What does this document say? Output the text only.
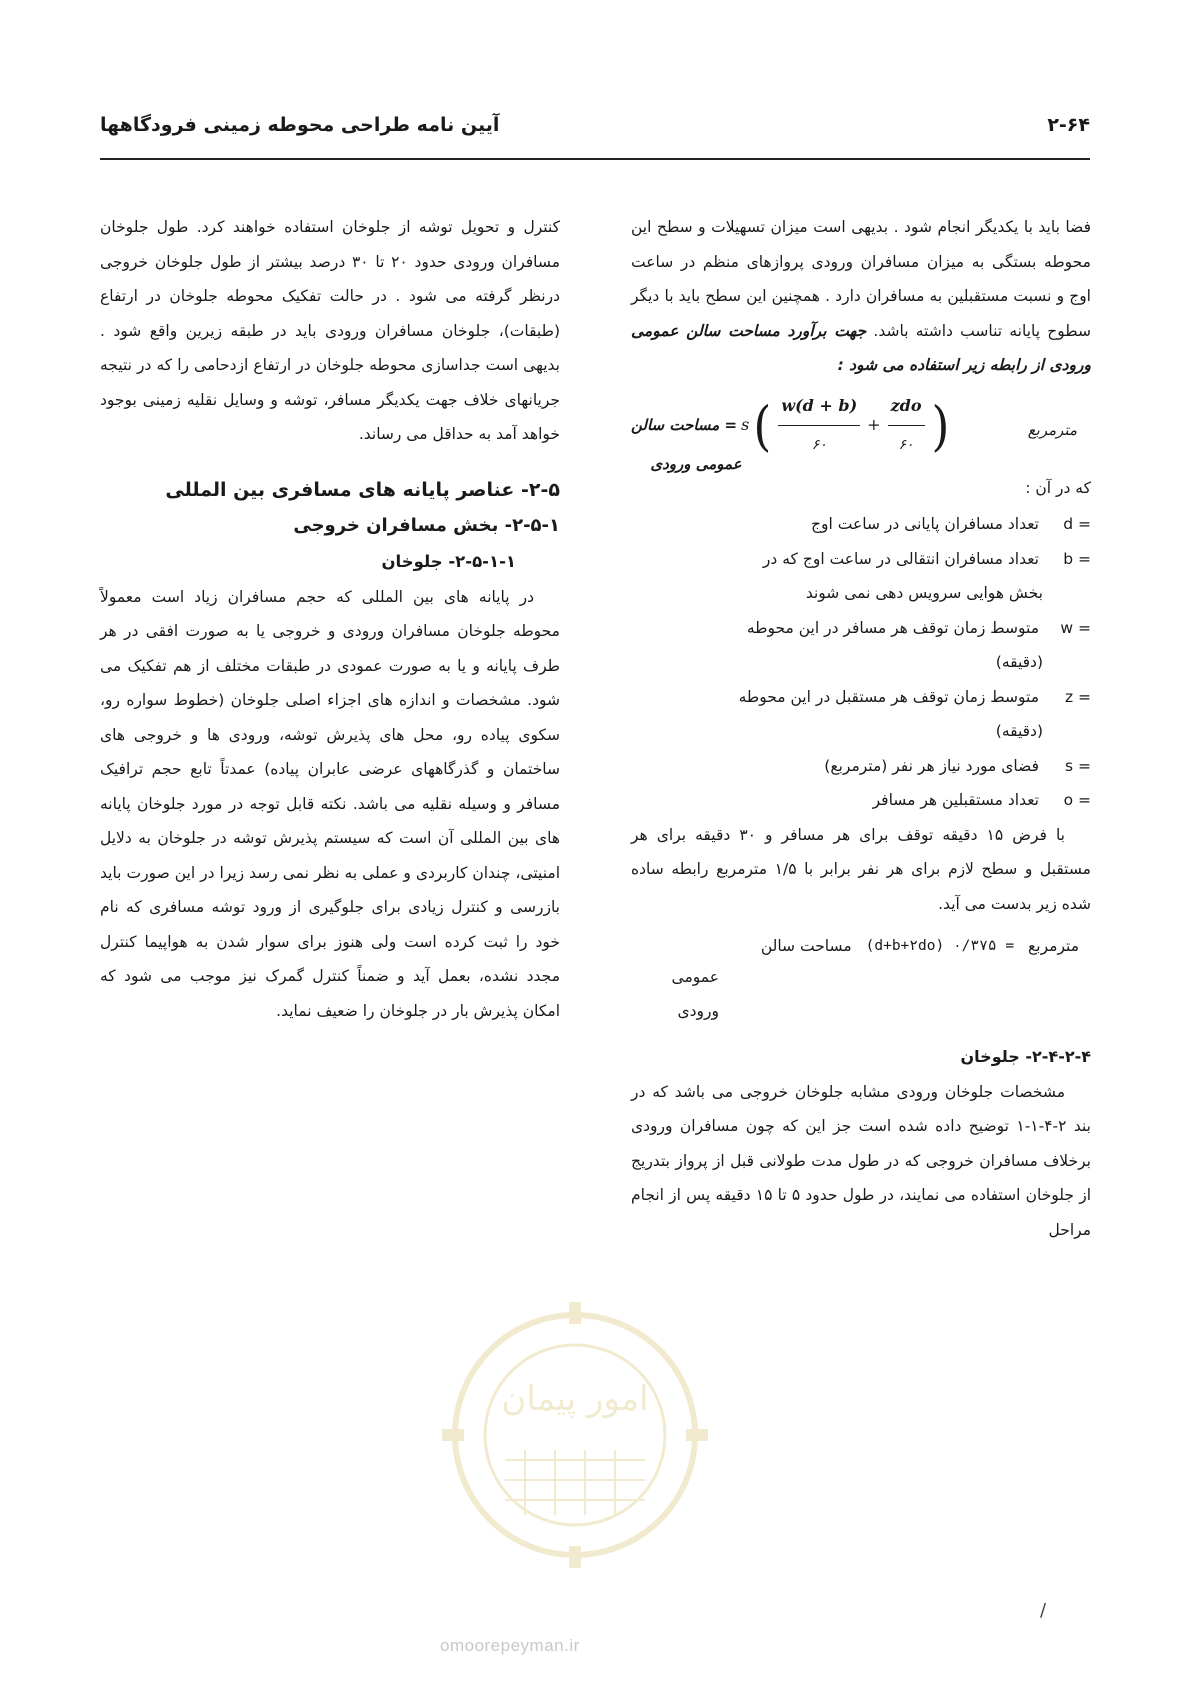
آیین نامه طراحی محوطه زمینی فرودگاهها	۲-۶۴

فضا باید با یکدیگر انجام شود . بدیهی است میزان تسهیلات و سطح این محوطه بستگی به میزان مسافران ورودی پروازهای منظم در ساعت اوج و نسبت مستقبلین به مسافران دارد . همچنین این سطح باید با دیگر سطوح پایانه تناسب داشته باشد. جهت برآورد مساحت سالن عمومی ورودی از رابطه زیر استفاده می شود :

مترمربع
= مساحت سالن s ( $\frac{w(d + b)}{۶۰} + \frac{\text{zdo}}{۶۰}$ )
عمومی ورودی

که در آن :

d =
تعداد مسافران پایانی در ساعت اوج
b =
تعداد مسافران انتقالی در ساعت اوج که در
بخش هوایی سرویس دهی نمی شوند
w =
متوسط زمان توقف هر مسافر در این محوطه
(دقیقه)
z =
متوسط زمان توقف هر مستقبل در این محوطه
(دقیقه)
s =
فضای مورد نیاز هر نفر (مترمربع)
o =
تعداد مستقبلین هر مسافر

با فرض ۱۵ دقیقه توقف برای هر مسافر و ۳۰ دقیقه برای هر مستقبل و سطح لازم برای هر نفر برابر با ۱/۵ مترمربع رابطه ساده شده زیر بدست می آید.

مترمربع
(d+b+۲do) ۰/۳۷۵ =
مساحت سالن

عمومی ورودی

۲-۴-۲-۴- جلوخان

مشخصات جلوخان ورودی مشابه جلوخان خروجی می باشد که در بند ۲-۴-۱-۱ توضیح داده شده است جز این که چون مسافران ورودی برخلاف مسافران خروجی که در طول مدت طولانی قبل از پرواز بتدریج از جلوخان استفاده می نمایند، در طول حدود ۵ تا ۱۵ دقیقه پس از انجام مراحل

کنترل و تحویل توشه از جلوخان استفاده خواهند کرد. طول جلوخان مسافران ورودی حدود ۲۰ تا ۳۰ درصد بیشتر از طول جلوخان خروجی درنظر گرفته می شود . در حالت تفکیک محوطه جلوخان در ارتفاع (طبقات)، جلوخان مسافران ورودی باید در طبقه زیرین واقع شود . بدیهی است جداسازی محوطه جلوخان در ارتفاع ازدحامی را که در نتیجه جریانهای خلاف جهت یکدیگر مسافر، توشه و وسایل نقلیه زمینی بوجود خواهد آمد به حداقل می رساند.

۲-۵- عناصر پایانه های مسافری بین المللی

۲-۵-۱- بخش مسافران خروجی

۲-۵-۱-۱- جلوخان

در پایانه های بین المللی که حجم مسافران زیاد است معمولاً محوطه جلوخان مسافران ورودی و خروجی یا به صورت افقی در هر طرف پایانه و یا به صورت عمودی در طبقات مختلف از هم تفکیک می شود. مشخصات و اندازه های اجزاء اصلی جلوخان (خطوط سواره رو، سکوی پیاده رو، محل های پذیرش توشه، ورودی ها و خروجی های ساختمان و گذرگاههای عرضی عابران پیاده) عمدتاً تابع حجم ترافیک مسافر و وسیله نقلیه می باشد. نکته قابل توجه در مورد جلوخان پایانه های بین المللی آن است که سیستم پذیرش توشه در جلوخان به دلایل امنیتی، چندان کاربردی و عملی به نظر نمی رسد زیرا در این صورت باید بازرسی و کنترل زیادی برای جلوگیری از ورود توشه مسافری که نام خود را ثبت کرده است ولی هنوز برای سوار شدن به هواپیما کنترل مجدد نشده، بعمل آید و ضمناً کنترل گمرک نیز موجب می شود که امکان پذیرش بار در جلوخان را ضعیف نماید.

امور پیمان
omoorepeyman.ir
/
